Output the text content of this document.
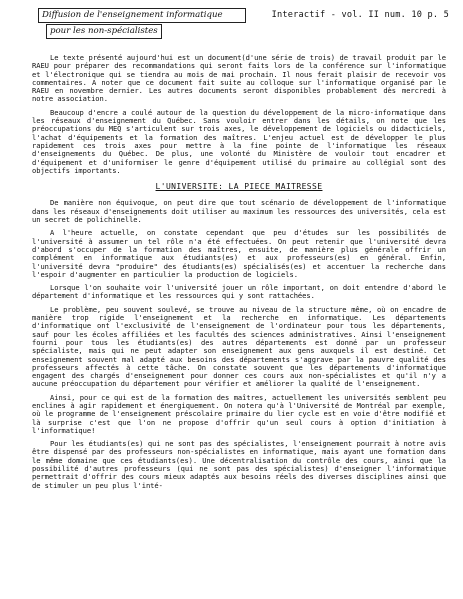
Diffusion de l'enseignement informatique
pour les non-spécialistes
Interactif - vol. II num. 10 p. 5

Le texte présenté aujourd'hui est un document(d'une série de trois) de travail produit par le RAEU pour préparer des recommandations qui seront faits lors de la conférence sur l'informatique et l'électronique qui se tiendra au mois de mai prochain. Il nous ferait plaisir de recevoir vos commentaires. A noter que ce document fait suite au colloque sur l'informatique organisé par le RAEU en novembre dernier. Les autres documents seront disponibles probablement dès mercredi à notre association.

Beaucoup d'encre a coulé autour de la question du développement de la micro-informatique dans les réseaux d'enseignement du Québec. Sans vouloir entrer dans les détails, on note que les préoccupations du MEQ s'articulent sur trois axes, le développement de logiciels ou didacticiels, l'achat d'équipements et la formation des maîtres. L'enjeu actuel est de développer le plus rapidement ces trois axes pour mettre à la fine pointe de l'informatique les réseaux d'enseignements du Québec. De plus, une volonté du Ministère de vouloir tout encadrer et d'équipement et d'uniformiser le genre d'équipement utilisé du primaire au collégial sont des objectifs importants.

L'UNIVERSITE: LA PIECE MAITRESSE

De manière non équivoque, on peut dire que tout scénario de développement de l'informatique dans les réseaux d'enseignements doit utiliser au maximum les ressources des universités, cela est un secret de polichinelle.

A l'heure actuelle, on constate cependant que peu d'études sur les possibilités de l'université à assumer un tel rôle n'a été effectuées. On peut retenir que l'université devra d'abord s'occuper de la formation des maîtres, ensuite, de manière plus générale offrir un complément en informatique aux étudiants(es) et aux professeurs(es) en général. Enfin, l'université devra "produire" des étudiants(es) spécialisés(es) et accentuer la recherche dans l'espoir d'augmenter en particulier la production de logiciels.

Lorsque l'on souhaite voir l'université jouer un rôle important, on doit entendre d'abord le département d'informatique et les ressources qui y sont rattachées.

Le problème, peu souvent soulevé, se trouve au niveau de la structure même, où on encadre de manière trop rigide l'enseignement et la recherche en informatique. Les départements d'informatique ont l'exclusivité de l'enseignement de l'ordinateur pour tous les départements, sauf pour les écoles affiliées et les facultés des sciences administratives. Ainsi l'enseignement fourni pour tous les étudiants(es) des autres départements est donné par un professeur spécialiste, mais qui ne peut adapter son enseignement aux gens auxquels il est destiné. Cet enseignement souvent mal adapté aux besoins des départements s'aggrave par la pauvre qualité des professeurs affectés à cette tâche. On constate souvent que les départements d'informatique engagent des chargés d'enseignement pour donner ces cours aux non-spécialistes et qu'il n'y a aucune préoccupation du département pour vérifier et améliorer la qualité de l'enseignement.

Ainsi, pour ce qui est de la formation des maîtres, actuellement les universités semblent peu enclines à agir rapidement et énergiquement. On notera qu'à l'Université de Montréal par exemple, où le programme de l'enseignement préscolaire primaire du lier cycle est en voie d'être modifié et là surprise c'est que l'on ne propose d'offrir qu'un seul cours à option d'initiation à l'informatique!

Pour les étudiants(es) qui ne sont pas des spécialistes, l'enseignement pourrait à notre avis être dispensé par des professeurs non-spécialistes en informatique, mais ayant une formation dans le même domaine que ces étudiants(es). Une décentralisation du contrôle des cours, ainsi que la possibilité d'autres professeurs (qui ne sont pas des spécialistes) d'enseigner l'informatique permettrait d'offrir des cours mieux adaptés aux besoins réels des diverses disciplines ainsi que de stimuler un peu plus l'inté-
